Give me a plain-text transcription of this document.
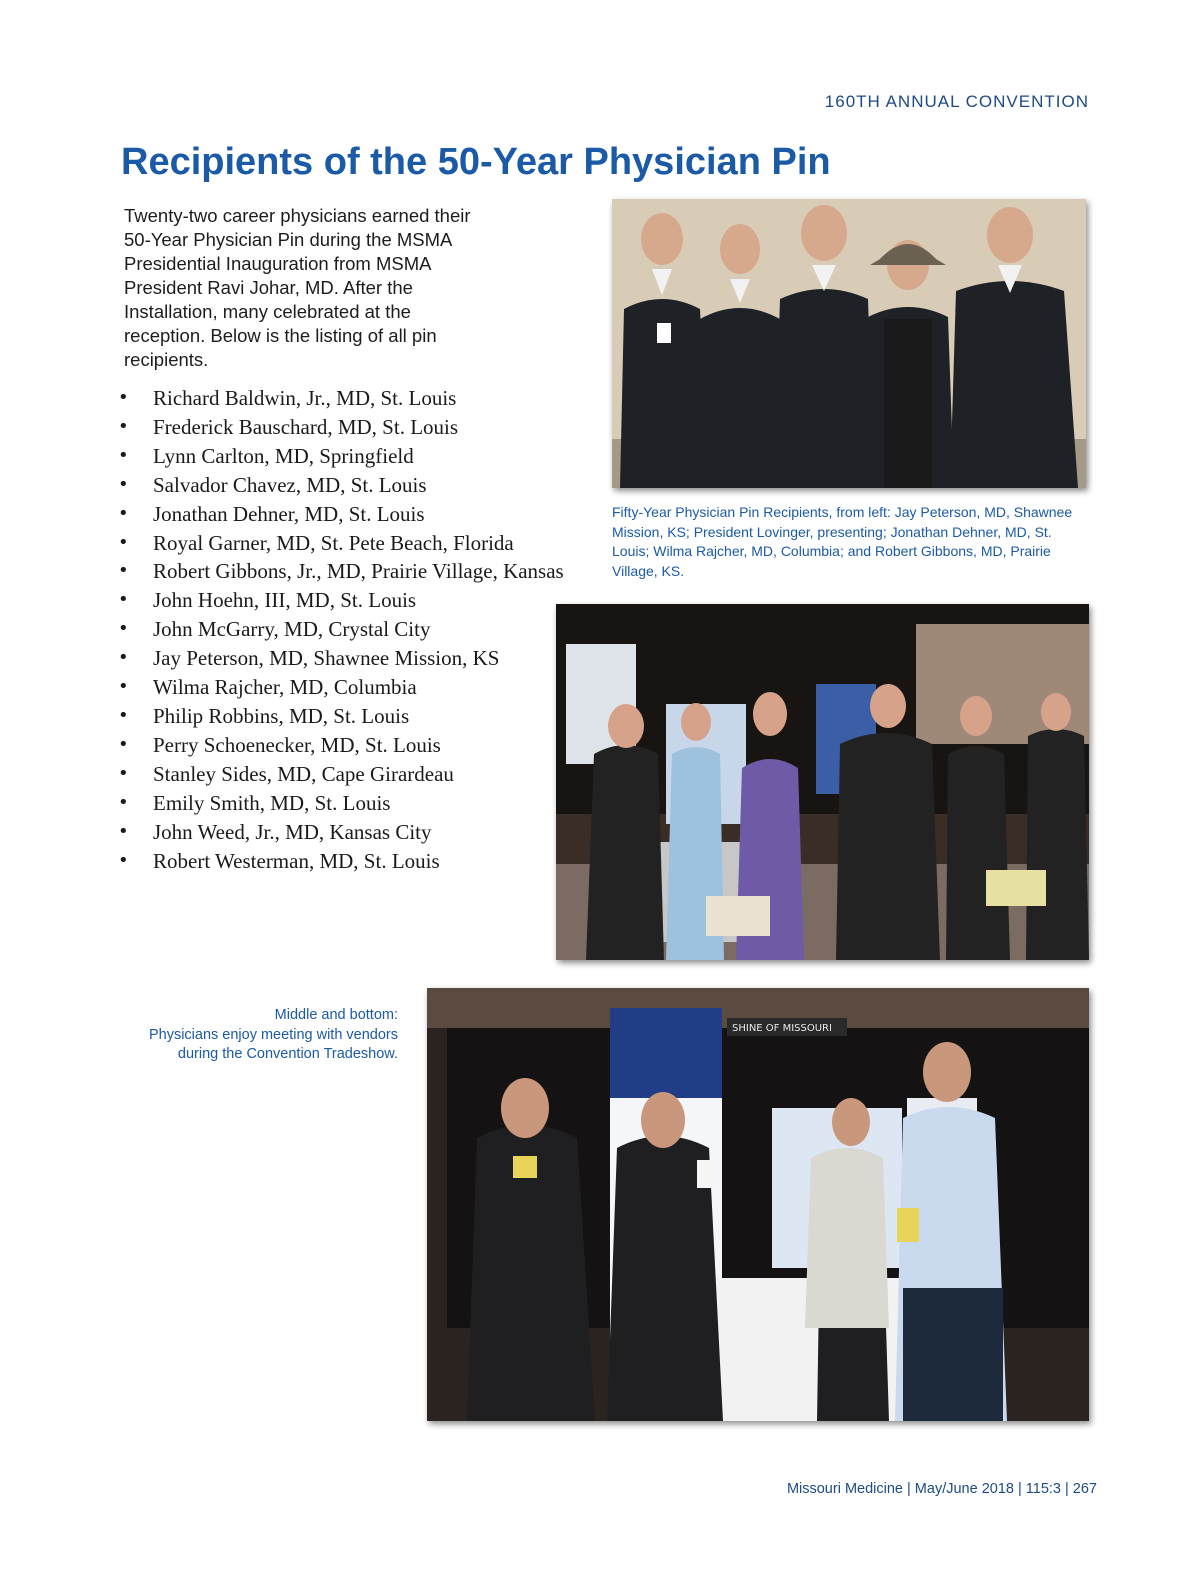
160TH ANNUAL CONVENTION
Recipients of the 50-Year Physician Pin

Twenty-two career physicians earned their 50-Year Physician Pin during the MSMA Presidential Inauguration from MSMA President Ravi Johar, MD. After the Installation, many celebrated at the reception. Below is the listing of all pin recipients.

• Richard Baldwin, Jr., MD, St. Louis
• Frederick Bauschard, MD, St. Louis
• Lynn Carlton, MD, Springfield
• Salvador Chavez, MD, St. Louis
• Jonathan Dehner, MD, St. Louis
• Royal Garner, MD, St. Pete Beach, Florida
• Robert Gibbons, Jr., MD, Prairie Village, Kansas
• John Hoehn, III, MD, St. Louis
• John McGarry, MD, Crystal City
• Jay Peterson, MD, Shawnee Mission, KS
• Wilma Rajcher, MD, Columbia
• Philip Robbins, MD, St. Louis
• Perry Schoenecker, MD, St. Louis
• Stanley Sides, MD, Cape Girardeau
• Emily Smith, MD, St. Louis
• John Weed, Jr., MD, Kansas City
• Robert Westerman, MD, St. Louis

Fifty-Year Physician Pin Recipients, from left: Jay Peterson, MD, Shawnee Mission, KS; President Lovinger, presenting; Jonathan Dehner, MD, St. Louis; Wilma Rajcher, MD, Columbia; and Robert Gibbons, MD, Prairie Village, KS.

SHINE OF MISSOURI

Middle and bottom:
Physicians enjoy meeting with vendors
during the Convention Tradeshow.

Missouri Medicine | May/June 2018 | 115:3 | 267
